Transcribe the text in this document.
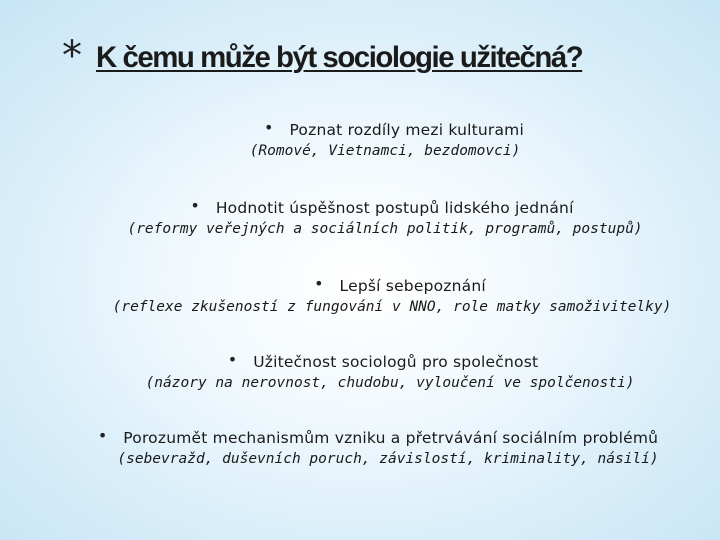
* K čemu může být sociologie užitečná?
• Poznat rozdíly mezi kulturami
(Romové, Vietnamci, bezdomovci)
• Hodnotit úspěšnost postupů lidského jednání
(reformy veřejných a sociálních politik, programů, postupů)
• Lepší sebepoznání
(reflexe zkušeností z fungování v NNO, role matky samoživitelky)
• Užitečnost sociologů pro společnost
(názory na nerovnost, chudobu, vyloučení ve spolčenosti)
• Porozumět mechanismům vzniku a přetrvávání sociálním problémů
(sebevražd, duševních poruch, závislostí, kriminality, násilí)
